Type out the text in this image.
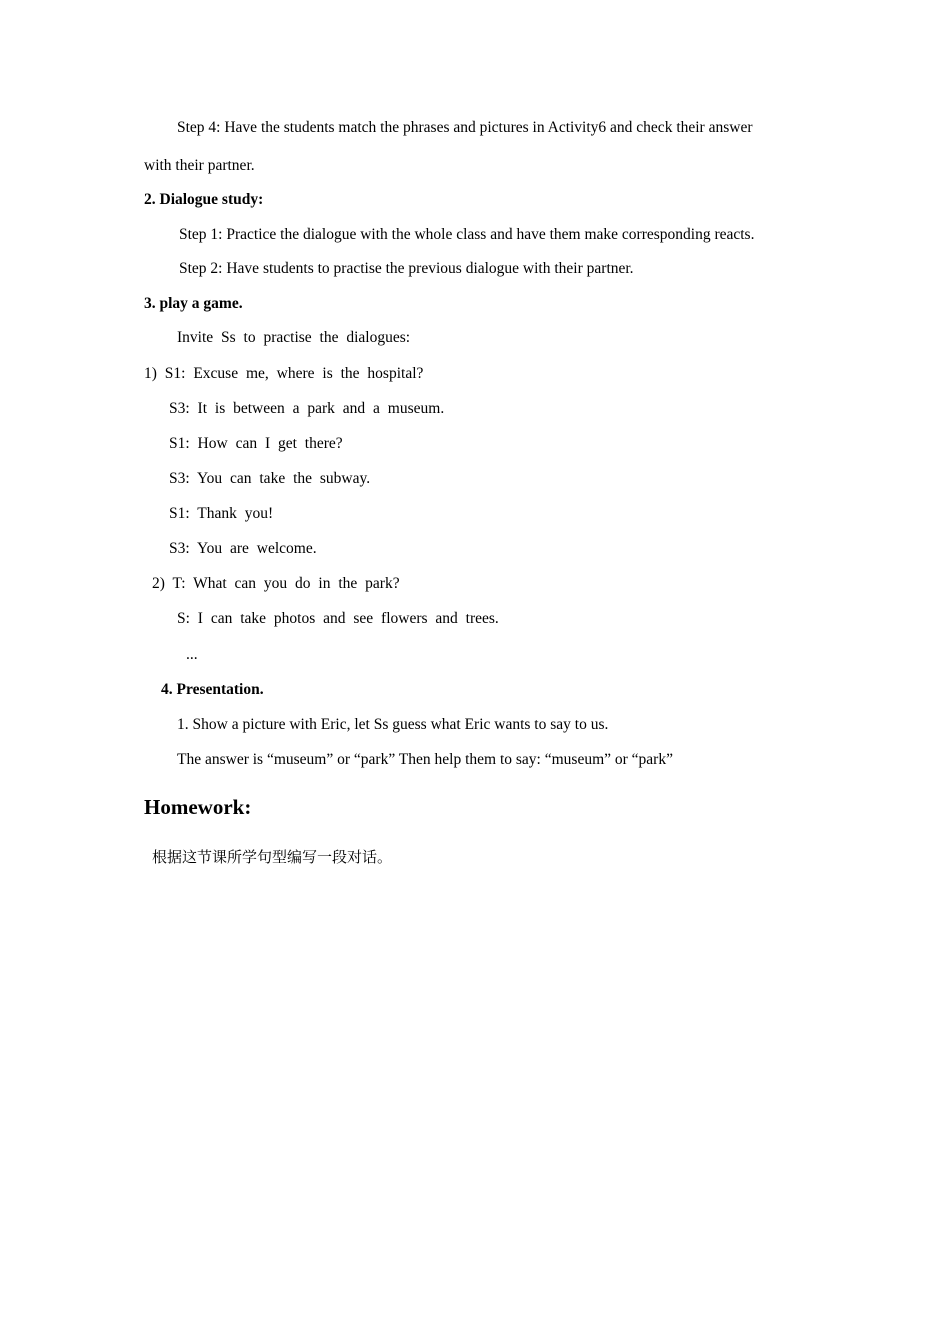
Step 4: Have the students match the phrases and pictures in Activity6 and check their answer
with their partner.
2. Dialogue study:
Step 1: Practice the dialogue with the whole class and have them make corresponding reacts.
Step 2: Have students to practise the previous dialogue with their partner.
3. play a game.
Invite Ss to practise the dialogues:
1) S1: Excuse me, where is the hospital?
S3: It is between a park and a museum.
S1: How can I get there?
S3: You can take the subway.
S1: Thank you!
S3: You are welcome.
2) T: What can you do in the park?
S: I can take photos and see flowers and trees.
...
4. Presentation.
1. Show a picture with Eric, let Ss guess what Eric wants to say to us.
The answer is “museum” or “park” Then help them to say: “museum” or “park”
Homework:
根据这节课所学句型编写一段对话。
